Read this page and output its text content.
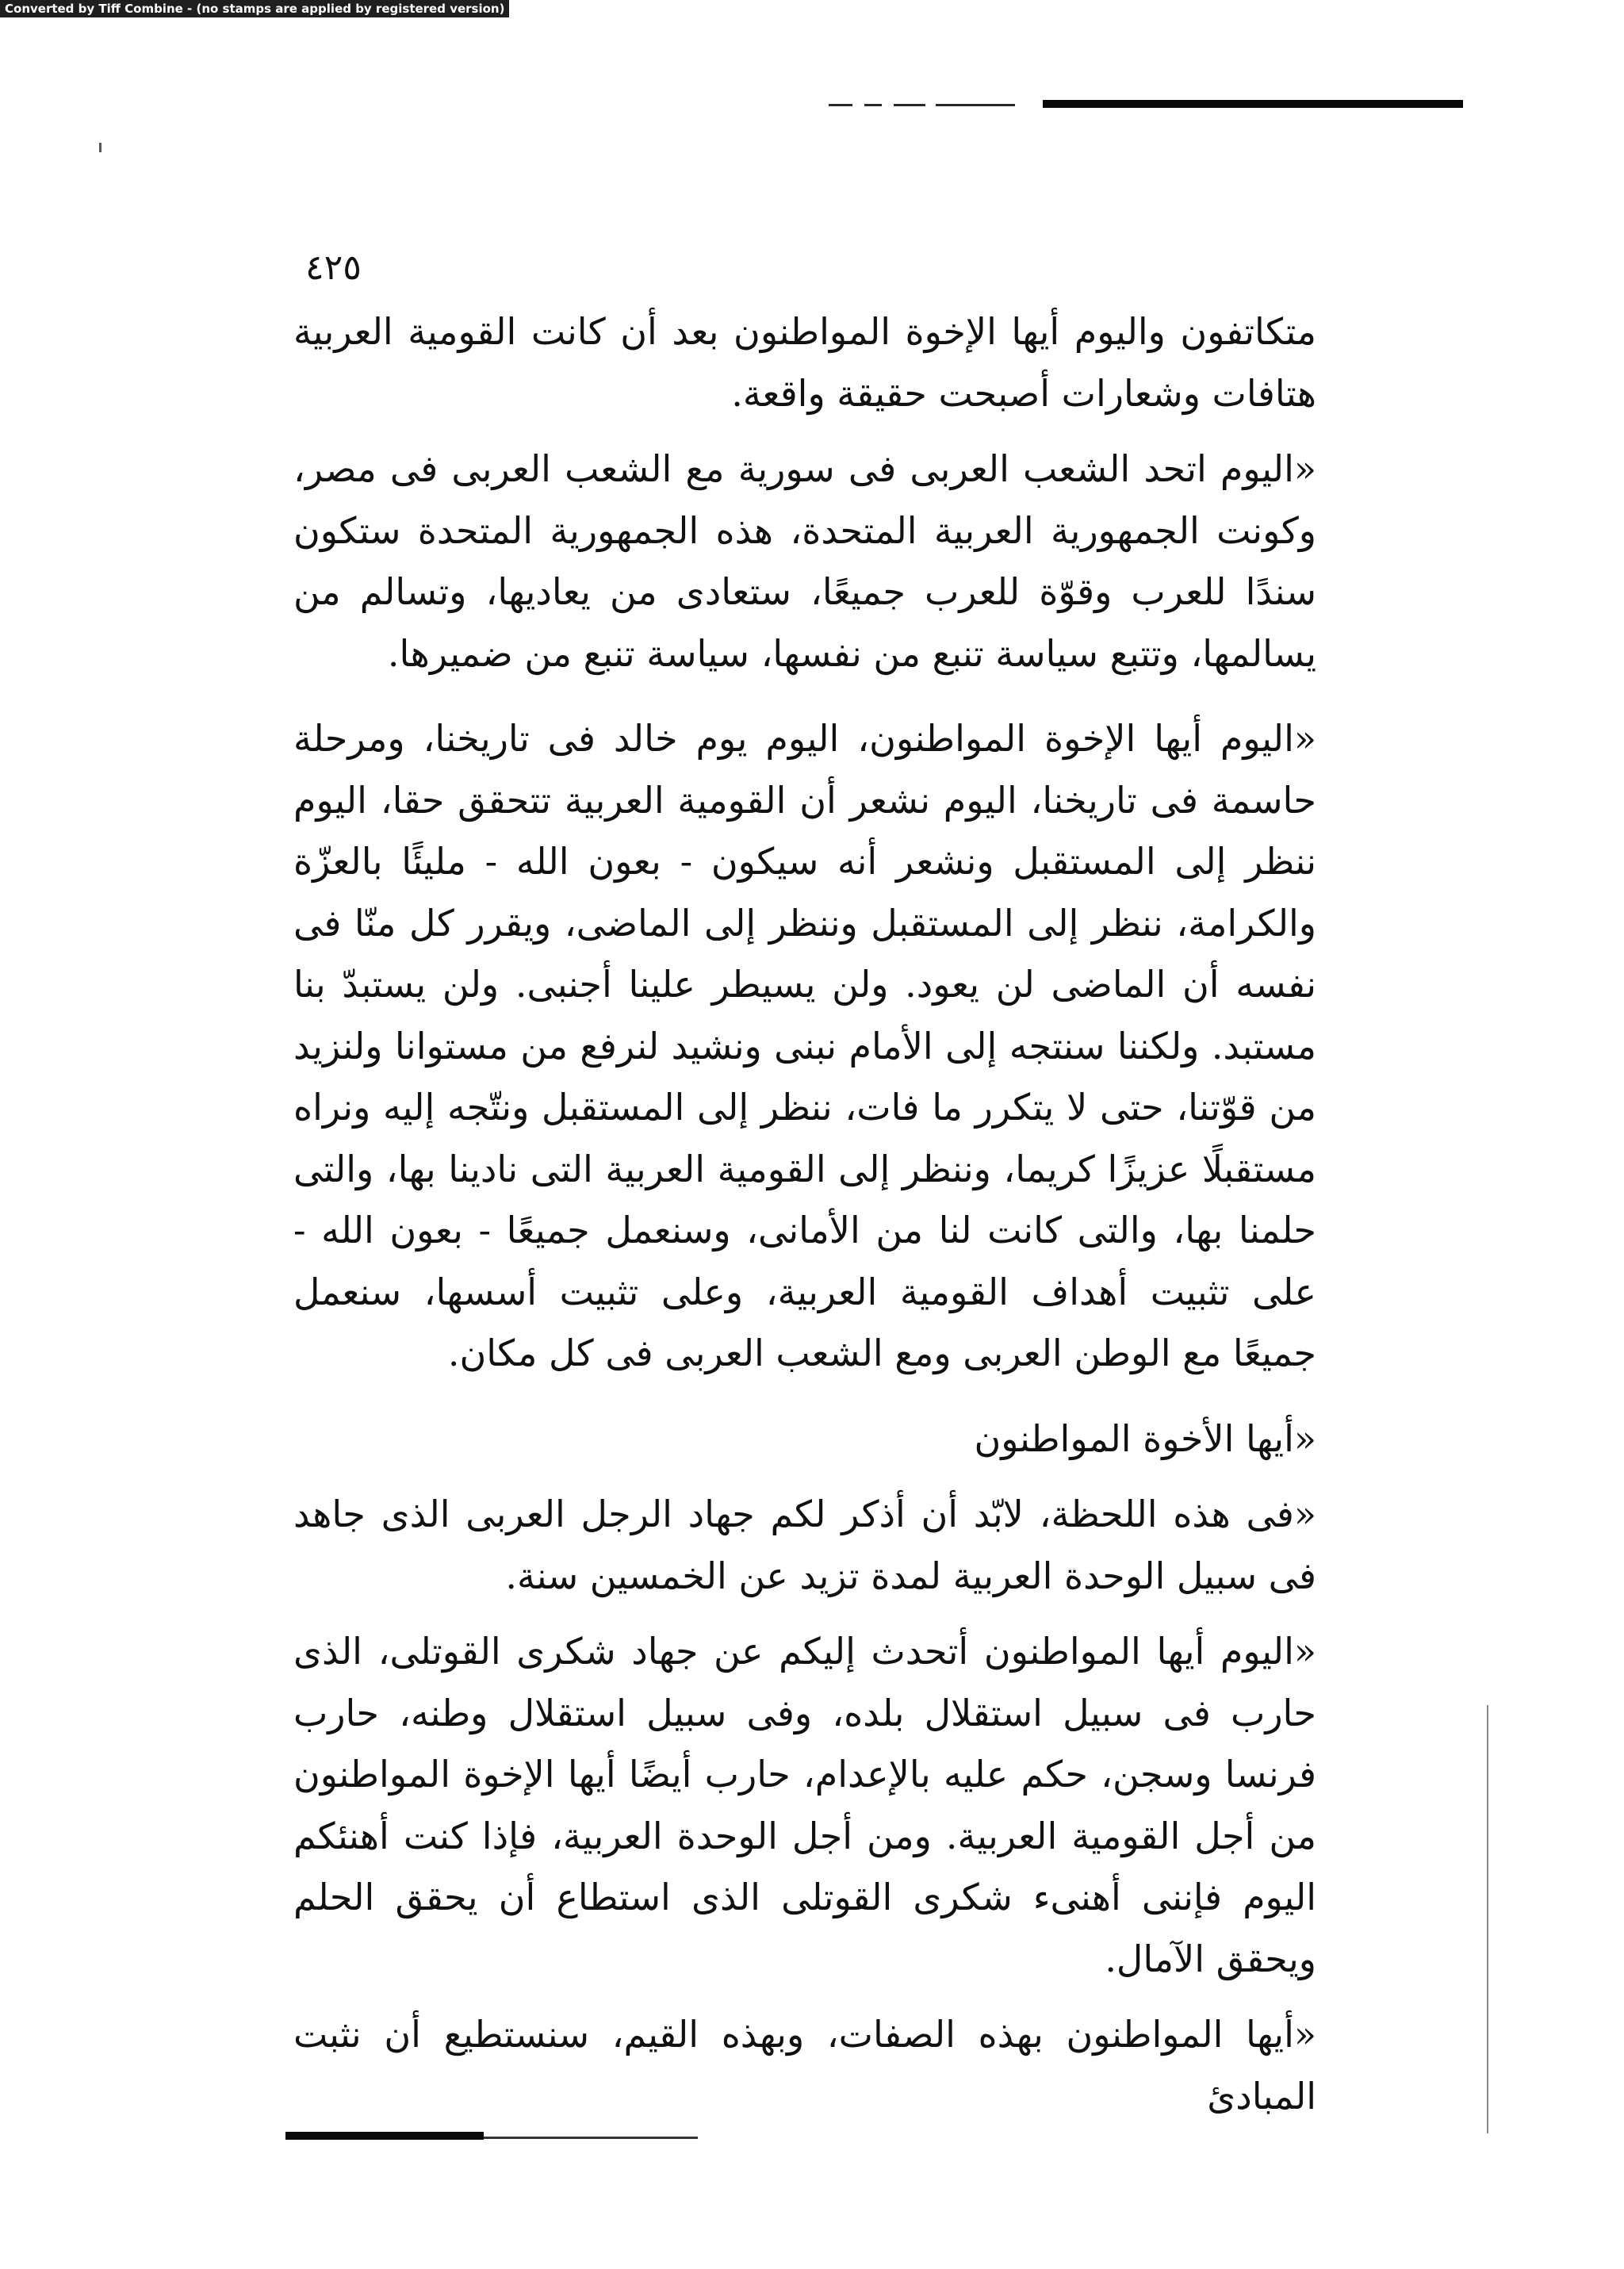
Converted by Tiff Combine - (no stamps are applied by registered version)
٤٢٥

متكاتفون واليوم أيها الإخوة المواطنون بعد أن كانت القومية العربية هتافات وشعارات أصبحت حقيقة واقعة.

«اليوم اتحد الشعب العربى فى سورية مع الشعب العربى فى مصر، وكونت الجمهورية العربية المتحدة، هذه الجمهورية المتحدة ستكون سندًا للعرب وقوّة للعرب جميعًا، ستعادى من يعاديها، وتسالم من يسالمها، وتتبع سياسة تنبع من نفسها، سياسة تنبع من ضميرها.

«اليوم أيها الإخوة المواطنون، اليوم يوم خالد فى تاريخنا، ومرحلة حاسمة فى تاريخنا، اليوم نشعر أن القومية العربية تتحقق حقا، اليوم ننظر إلى المستقبل ونشعر أنه سيكون - بعون الله - مليئًا بالعزّة والكرامة، ننظر إلى المستقبل وننظر إلى الماضى، ويقرر كل منّا فى نفسه أن الماضى لن يعود. ولن يسيطر علينا أجنبى. ولن يستبدّ بنا مستبد. ولكننا سنتجه إلى الأمام نبنى ونشيد لنرفع من مستوانا ولنزيد من قوّتنا، حتى لا يتكرر ما فات، ننظر إلى المستقبل ونتّجه إليه ونراه مستقبلًا عزيزًا كريما، وننظر إلى القومية العربية التى نادينا بها، والتى حلمنا بها، والتى كانت لنا من الأمانى، وسنعمل جميعًا - بعون الله - على تثبيت أهداف القومية العربية، وعلى تثبيت أسسها، سنعمل جميعًا مع الوطن العربى ومع الشعب العربى فى كل مكان.

«أيها الأخوة المواطنون

«فى هذه اللحظة، لابّد أن أذكر لكم جهاد الرجل العربى الذى جاهد فى سبيل الوحدة العربية لمدة تزيد عن الخمسين سنة.

«اليوم أيها المواطنون أتحدث إليكم عن جهاد شكرى القوتلى، الذى حارب فى سبيل استقلال بلده، وفى سبيل استقلال وطنه، حارب فرنسا وسجن، حكم عليه بالإعدام، حارب أيضًا أيها الإخوة المواطنون من أجل القومية العربية. ومن أجل الوحدة العربية، فإذا كنت أهنئكم اليوم فإننى أهنىء شكرى القوتلى الذى استطاع أن يحقق الحلم ويحقق الآمال.

«أيها المواطنون بهذه الصفات، وبهذه القيم، سنستطيع أن نثبت المبادئ
